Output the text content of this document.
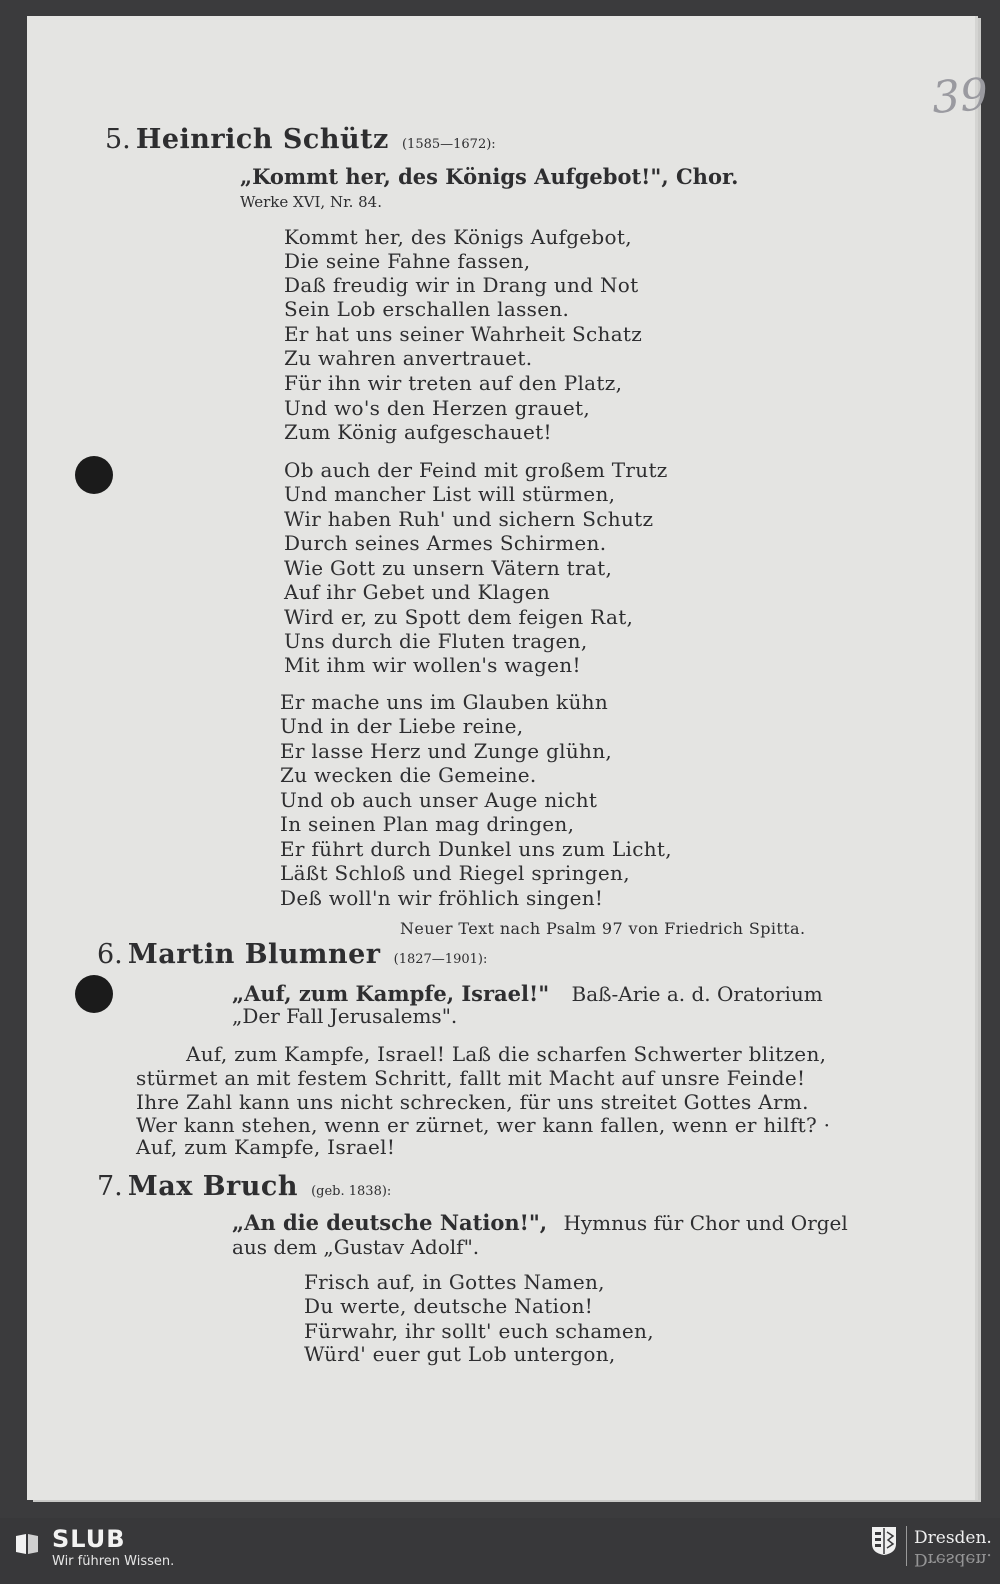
39
5. Heinrich Schütz (1585—1672):
„Kommt her, des Königs Aufgebot!", Chor.
Werke XVI, Nr. 84.
Kommt her, des Königs Aufgebot,
Die seine Fahne fassen,
Daß freudig wir in Drang und Not
Sein Lob erschallen lassen.
Er hat uns seiner Wahrheit Schatz
Zu wahren anvertrauet.
Für ihn wir treten auf den Platz,
Und wo's den Herzen grauet,
Zum König aufgeschauet!
Ob auch der Feind mit großem Trutz
Und mancher List will stürmen,
Wir haben Ruh' und sichern Schutz
Durch seines Armes Schirmen.
Wie Gott zu unsern Vätern trat,
Auf ihr Gebet und Klagen
Wird er, zu Spott dem feigen Rat,
Uns durch die Fluten tragen,
Mit ihm wir wollen's wagen!
Er mache uns im Glauben kühn
Und in der Liebe reine,
Er lasse Herz und Zunge glühn,
Zu wecken die Gemeine.
Und ob auch unser Auge nicht
In seinen Plan mag dringen,
Er führt durch Dunkel uns zum Licht,
Läßt Schloß und Riegel springen,
Deß woll'n wir fröhlich singen!
Neuer Text nach Psalm 97 von Friedrich Spitta.
6. Martin Blumner (1827—1901):
„Auf, zum Kampfe, Israel!" Baß-Arie a. d. Oratorium
„Der Fall Jerusalems".
Auf, zum Kampfe, Israel! Laß die scharfen Schwerter blitzen,
stürmet an mit festem Schritt, fallt mit Macht auf unsre Feinde!
Ihre Zahl kann uns nicht schrecken, für uns streitet Gottes Arm.
Wer kann stehen, wenn er zürnet, wer kann fallen, wenn er hilft? ·
Auf, zum Kampfe, Israel!
7. Max Bruch (geb. 1838):
„An die deutsche Nation!", Hymnus für Chor und Orgel
aus dem „Gustav Adolf".
Frisch auf, in Gottes Namen,
Du werte, deutsche Nation!
Fürwahr, ihr sollt' euch schamen,
Würd' euer gut Lob untergon,
SLUB
Wir führen Wissen.
Dresden.
Dresden.
